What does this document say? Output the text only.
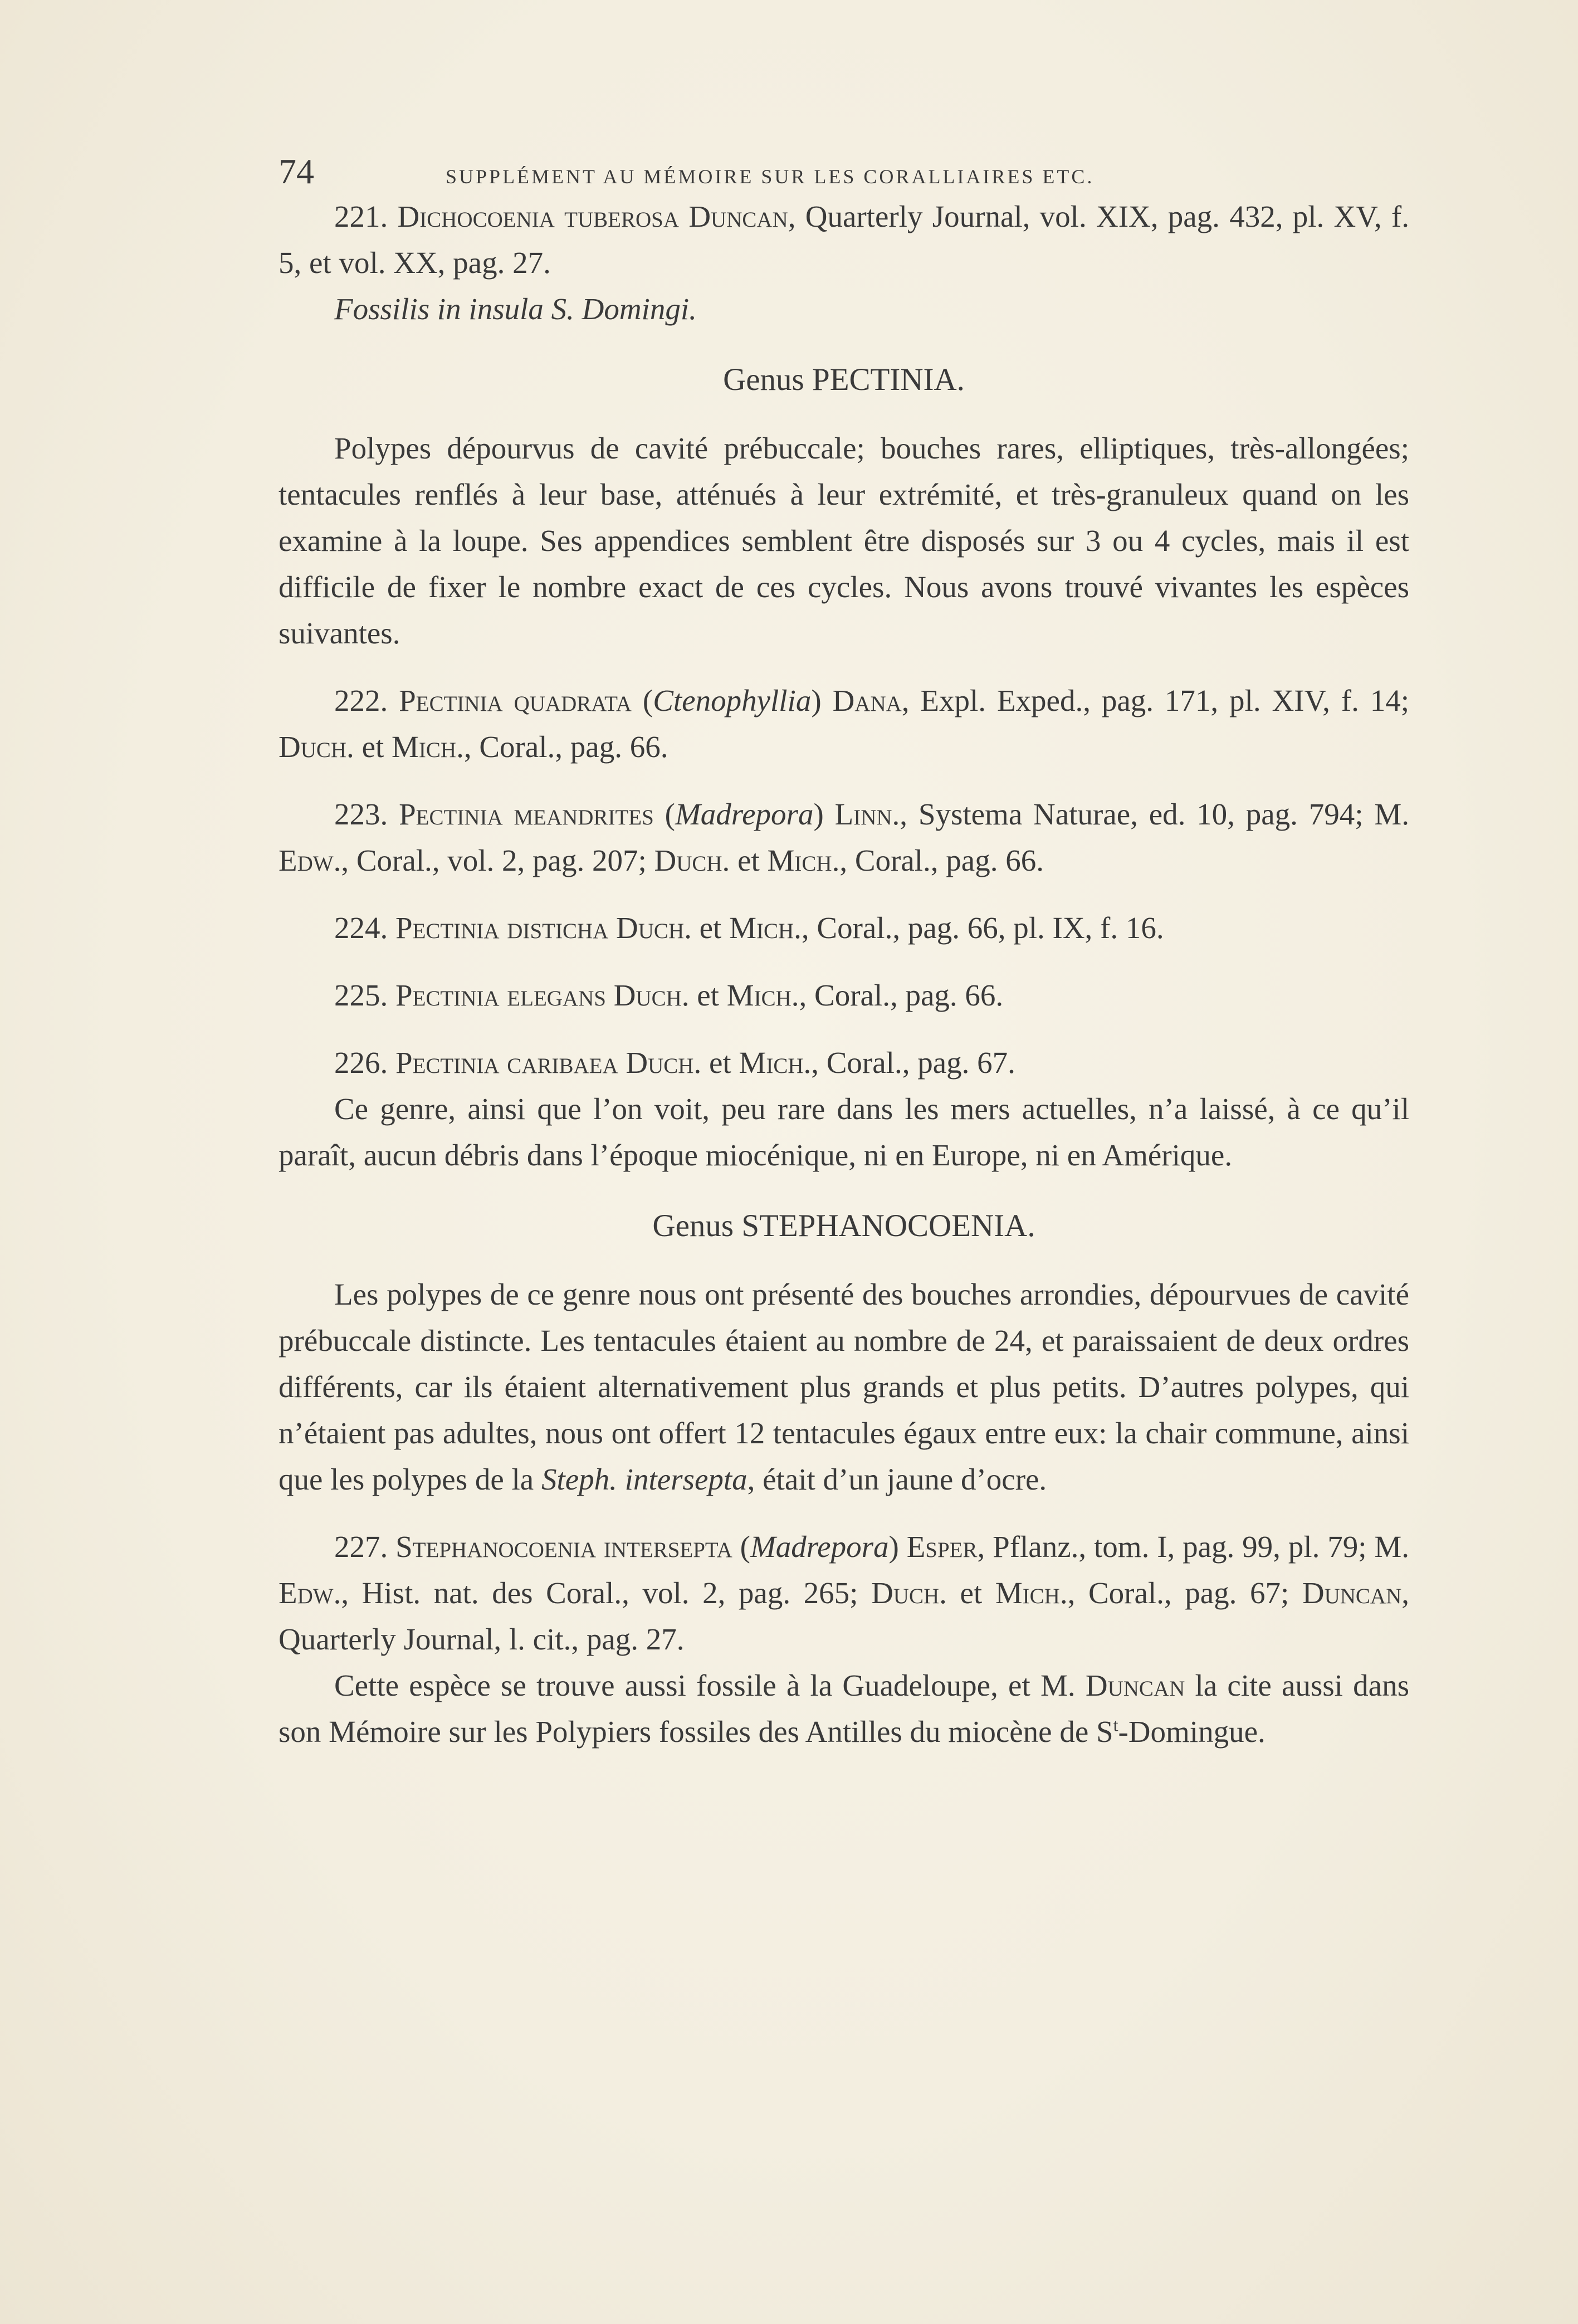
74	SUPPLÉMENT AU MÉMOIRE SUR LES CORALLIAIRES ETC.

221. Dichocoenia tuberosa Duncan, Quarterly Journal, vol. XIX, pag. 432, pl. XV, f. 5, et vol. XX, pag. 27.

Fossilis in insula S. Domingi.

Genus PECTINIA.

Polypes dépourvus de cavité prébuccale; bouches rares, elliptiques, très-allongées; tentacules renflés à leur base, atténués à leur extrémité, et très-granuleux quand on les examine à la loupe. Ses appendices semblent être disposés sur 3 ou 4 cycles, mais il est difficile de fixer le nombre exact de ces cycles. Nous avons trouvé vivantes les espèces suivantes.

222. Pectinia quadrata (Ctenophyllia) Dana, Expl. Exped., pag. 171, pl. XIV, f. 14; Duch. et Mich., Coral., pag. 66.

223. Pectinia meandrites (Madrepora) Linn., Systema Naturae, ed. 10, pag. 794; M. Edw., Coral., vol. 2, pag. 207; Duch. et Mich., Coral., pag. 66.

224. Pectinia disticha Duch. et Mich., Coral., pag. 66, pl. IX, f. 16.

225. Pectinia elegans Duch. et Mich., Coral., pag. 66.

226. Pectinia caribaea Duch. et Mich., Coral., pag. 67.

Ce genre, ainsi que l’on voit, peu rare dans les mers actuelles, n’a laissé, à ce qu’il paraît, aucun débris dans l’époque miocénique, ni en Europe, ni en Amérique.

Genus STEPHANOCOENIA.

Les polypes de ce genre nous ont présenté des bouches arrondies, dépourvues de cavité prébuccale distincte. Les tentacules étaient au nombre de 24, et paraissaient de deux ordres différents, car ils étaient alternativement plus grands et plus petits. D’autres polypes, qui n’étaient pas adultes, nous ont offert 12 tentacules égaux entre eux: la chair commune, ainsi que les polypes de la Steph. intersepta, était d’un jaune d’ocre.

227. Stephanocoenia intersepta (Madrepora) Esper, Pflanz., tom. I, pag. 99, pl. 79; M. Edw., Hist. nat. des Coral., vol. 2, pag. 265; Duch. et Mich., Coral., pag. 67; Duncan, Quarterly Journal, l. cit., pag. 27.

Cette espèce se trouve aussi fossile à la Guadeloupe, et M. Duncan la cite aussi dans son Mémoire sur les Polypiers fossiles des Antilles du miocène de $S^t$-Domingue.
